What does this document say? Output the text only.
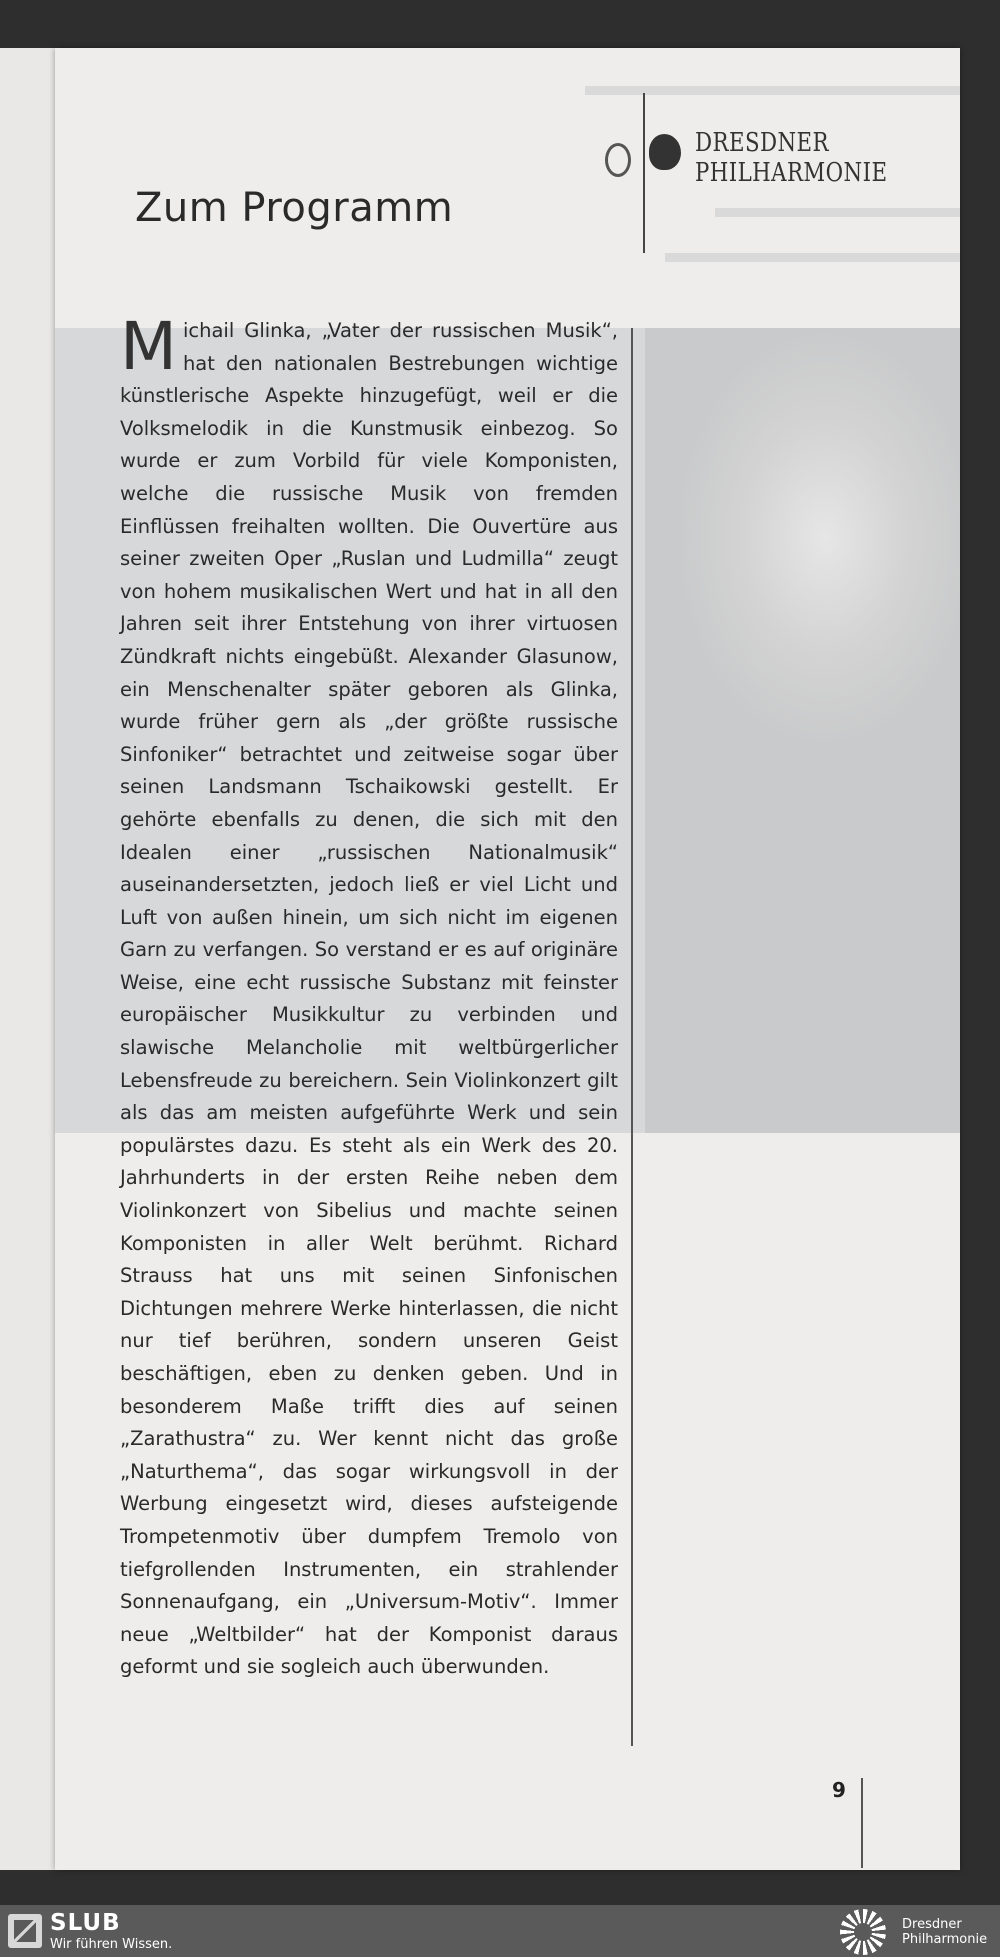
Zum Programm
DRESDNER
PHILHARMONIE
M ichail Glinka, „Vater der russischen Musik“, hat den nationalen Bestrebungen wichtige künstlerische Aspekte hinzugefügt, weil er die Volksmelodik in die Kunstmusik einbezog. So wurde er zum Vorbild für viele Komponisten, welche die russische Musik von fremden Einflüssen freihalten wollten. Die Ouvertüre aus seiner zweiten Oper „Ruslan und Ludmilla“ zeugt von hohem musikalischen Wert und hat in all den Jahren seit ihrer Entstehung von ihrer virtuosen Zündkraft nichts eingebüßt. Alexander Glasunow, ein Menschenalter später geboren als Glinka, wurde früher gern als „der größte russische Sinfoniker“ betrachtet und zeitweise sogar über seinen Landsmann Tschaikowski gestellt. Er gehörte ebenfalls zu denen, die sich mit den Idealen einer „russischen Nationalmusik“ auseinandersetzten, jedoch ließ er viel Licht und Luft von außen hinein, um sich nicht im eigenen Garn zu verfangen. So verstand er es auf originäre Weise, eine echt russische Substanz mit feinster europäischer Musikkultur zu verbinden und slawische Melancholie mit weltbürgerlicher Lebensfreude zu bereichern. Sein Violinkonzert gilt als das am meisten aufgeführte Werk und sein populärstes dazu. Es steht als ein Werk des 20. Jahrhunderts in der ersten Reihe neben dem Violinkonzert von Sibelius und machte seinen Komponisten in aller Welt berühmt. Richard Strauss hat uns mit seinen Sinfonischen Dichtungen mehrere Werke hinterlassen, die nicht nur tief berühren, sondern unseren Geist beschäftigen, eben zu denken geben. Und in besonderem Maße trifft dies auf seinen „Zarathustra“ zu. Wer kennt nicht das große „Naturthema“, das sogar wirkungsvoll in der Werbung eingesetzt wird, dieses aufsteigende Trompetenmotiv über dumpfem Tremolo von tiefgrollenden Instrumenten, ein strahlender Sonnenaufgang, ein „Universum-Motiv“. Immer neue „Weltbilder“ hat der Komponist daraus geformt und sie sogleich auch überwunden.
9
SLUB
Wir führen Wissen.
Dresdner
Philharmonie
